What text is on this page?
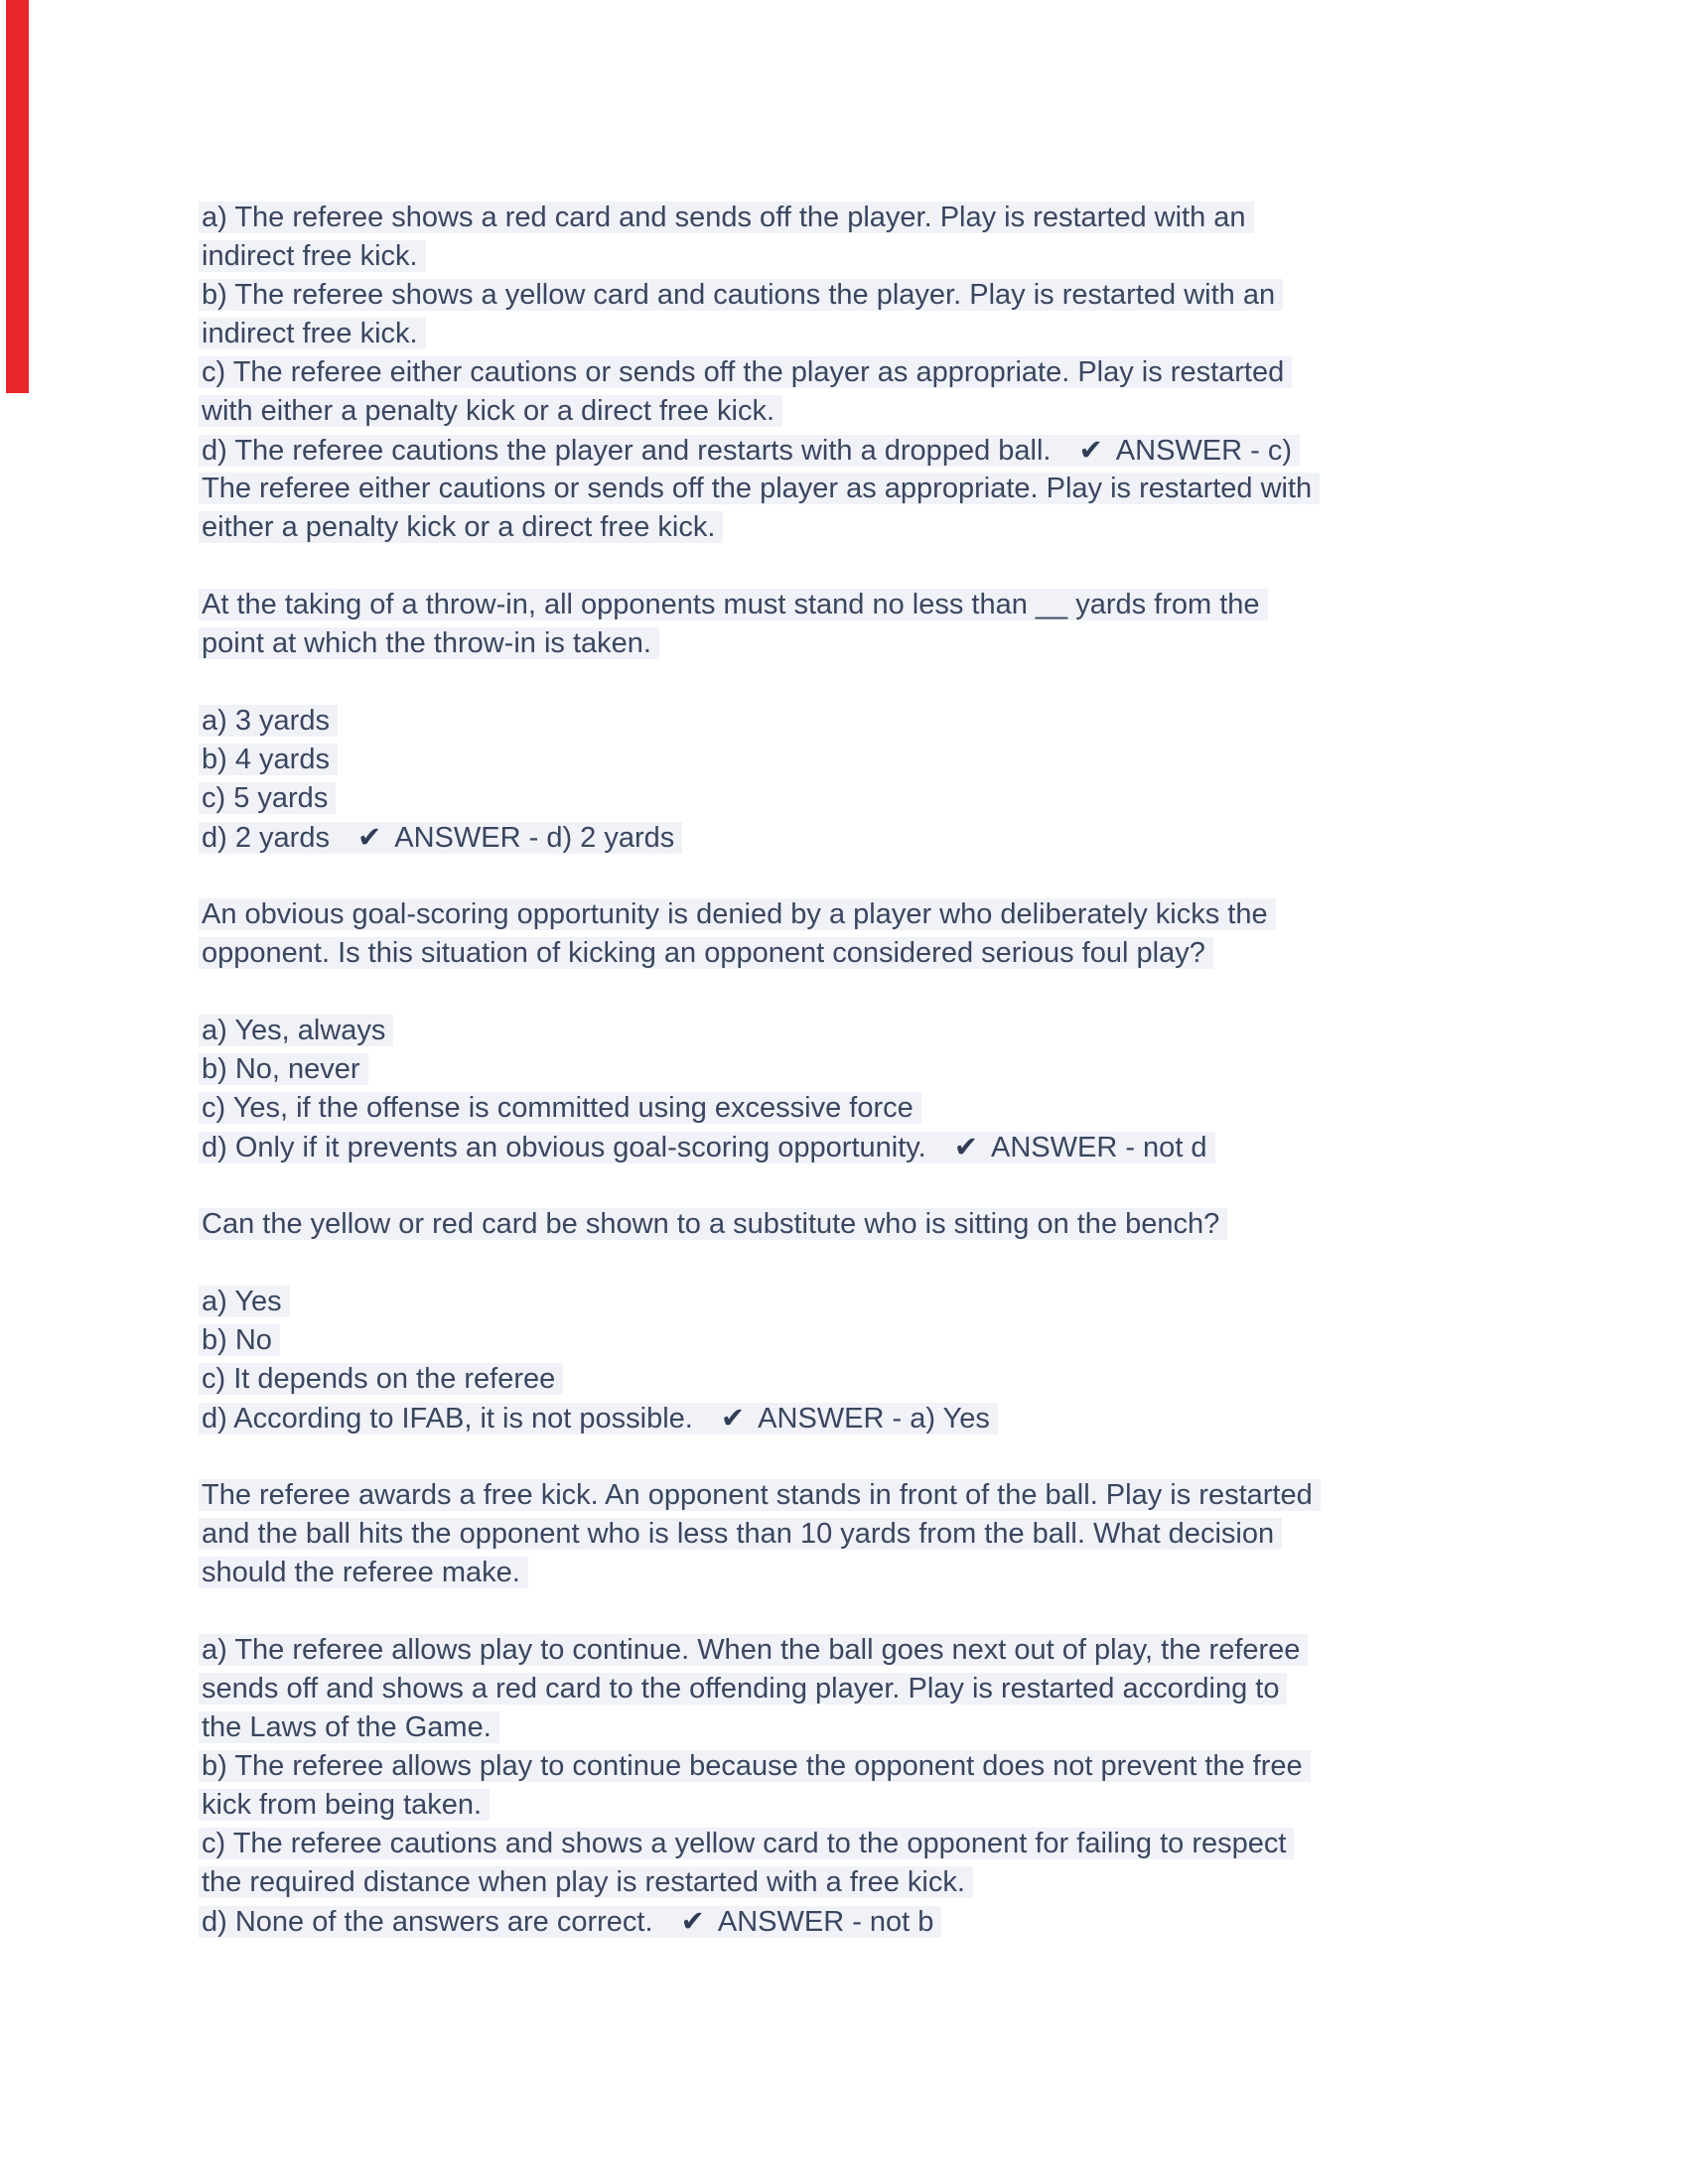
a) The referee shows a red card and sends off the player. Play is restarted with an
indirect free kick.
b) The referee shows a yellow card and cautions the player. Play is restarted with an
indirect free kick.
c) The referee either cautions or sends off the player as appropriate. Play is restarted
with either a penalty kick or a direct free kick.
d) The referee cautions the player and restarts with a dropped ball. ✔ ANSWER - c)
The referee either cautions or sends off the player as appropriate. Play is restarted with
either a penalty kick or a direct free kick.
At the taking of a throw-in, all opponents must stand no less than __ yards from the
point at which the throw-in is taken.
a) 3 yards
b) 4 yards
c) 5 yards
d) 2 yards ✔ ANSWER - d) 2 yards
An obvious goal-scoring opportunity is denied by a player who deliberately kicks the
opponent. Is this situation of kicking an opponent considered serious foul play?
a) Yes, always
b) No, never
c) Yes, if the offense is committed using excessive force
d) Only if it prevents an obvious goal-scoring opportunity. ✔ ANSWER - not d
Can the yellow or red card be shown to a substitute who is sitting on the bench?
a) Yes
b) No
c) It depends on the referee
d) According to IFAB, it is not possible. ✔ ANSWER - a) Yes
The referee awards a free kick. An opponent stands in front of the ball. Play is restarted
and the ball hits the opponent who is less than 10 yards from the ball. What decision
should the referee make.
a) The referee allows play to continue. When the ball goes next out of play, the referee
sends off and shows a red card to the offending player. Play is restarted according to
the Laws of the Game.
b) The referee allows play to continue because the opponent does not prevent the free
kick from being taken.
c) The referee cautions and shows a yellow card to the opponent for failing to respect
the required distance when play is restarted with a free kick.
d) None of the answers are correct. ✔ ANSWER - not b
